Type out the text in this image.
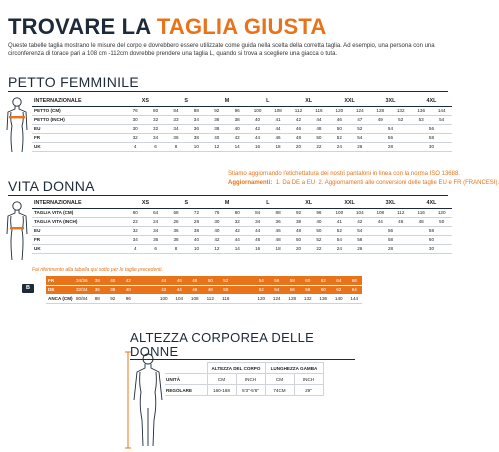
TROVARE LA TAGLIA GIUSTA
Queste tabelle taglia mostrano le misure del corpo e dovrebbero essere utilizzate come guida nella scelta della corretta taglia. Ad esempio, una persona con una circonferenza di torace pari a 108 cm -112cm dovrebbe prendere una taglia L, quando si trova a scegliere una giacca o tuta.
PETTO FEMMINILE
INTERNAZIONALE	XS		S		M		L		XL		XXL		3XL		4XL	
PETTO (CM)	76	80	84	88	92	96	100	108	112	116	120	124	128	132	136	144
PETTO (INCH)	30	32	33	34	36	38	40	41	42	44	46	47	49	52	53	54
EU	30	32	34	36	38	40	42	44	46	48	50	52	54		56	
FR	32	34	36	38	40	42	44	46	48	50	52	54	56		58	
UK	4	6	8	10	12	14	16	18	20	22	24	26	28		30	
VITA DONNA
Stiamo aggiornando l'etichettatura dei nostri pantaloni in linea con la norma ISO 13688.
Aggiornamenti: 1. Da DE a EU 2. Aggiornamenti alle conversioni delle taglie EU e FR (FRANCESI).
INTERNAZIONALE	XS		S		M		L		XL		XXL		3XL		4XL	
TAGLIA VITA (CM)	60	64	68	72	76	80	84	88	92	96	100	104	108	112	116	120
TAGLIA VITA (INCH)	22	24	26	28	30	32	34	36	38	40	41	42	44	46	48	50
EU	32	34	36	38	40	42	44	46	48	50	52	54	56		58	
FR	34	36	38	40	42	44	46	48	50	52	54	56	58		60	
UK	4	6	8	10	12	14	16	18	20	22	24	26	28		30	
Fai riferimento alla tabella qui sotto per le taglie precedenti.
B
FR	34/36	38	40	42		44	46	48	50	52		54	56	58	60	62	64	66
DE	32/34	36	38	40		42	44	46	48	50		52	54	56	58	60	62	64
ANCA (CM)	80/84	88	92	96		100	104	108	112	116		120	124	128	132	136	140	144
ALTEZZA CORPOREA DELLE DONNE
	ALTEZZA DEL CORPO		LUNGHEZZA GAMBA	
UNITÀ	CM	INCH	CM	INCH
REGOLARE	160-168	5'3"-5'6"	74CM	29"
